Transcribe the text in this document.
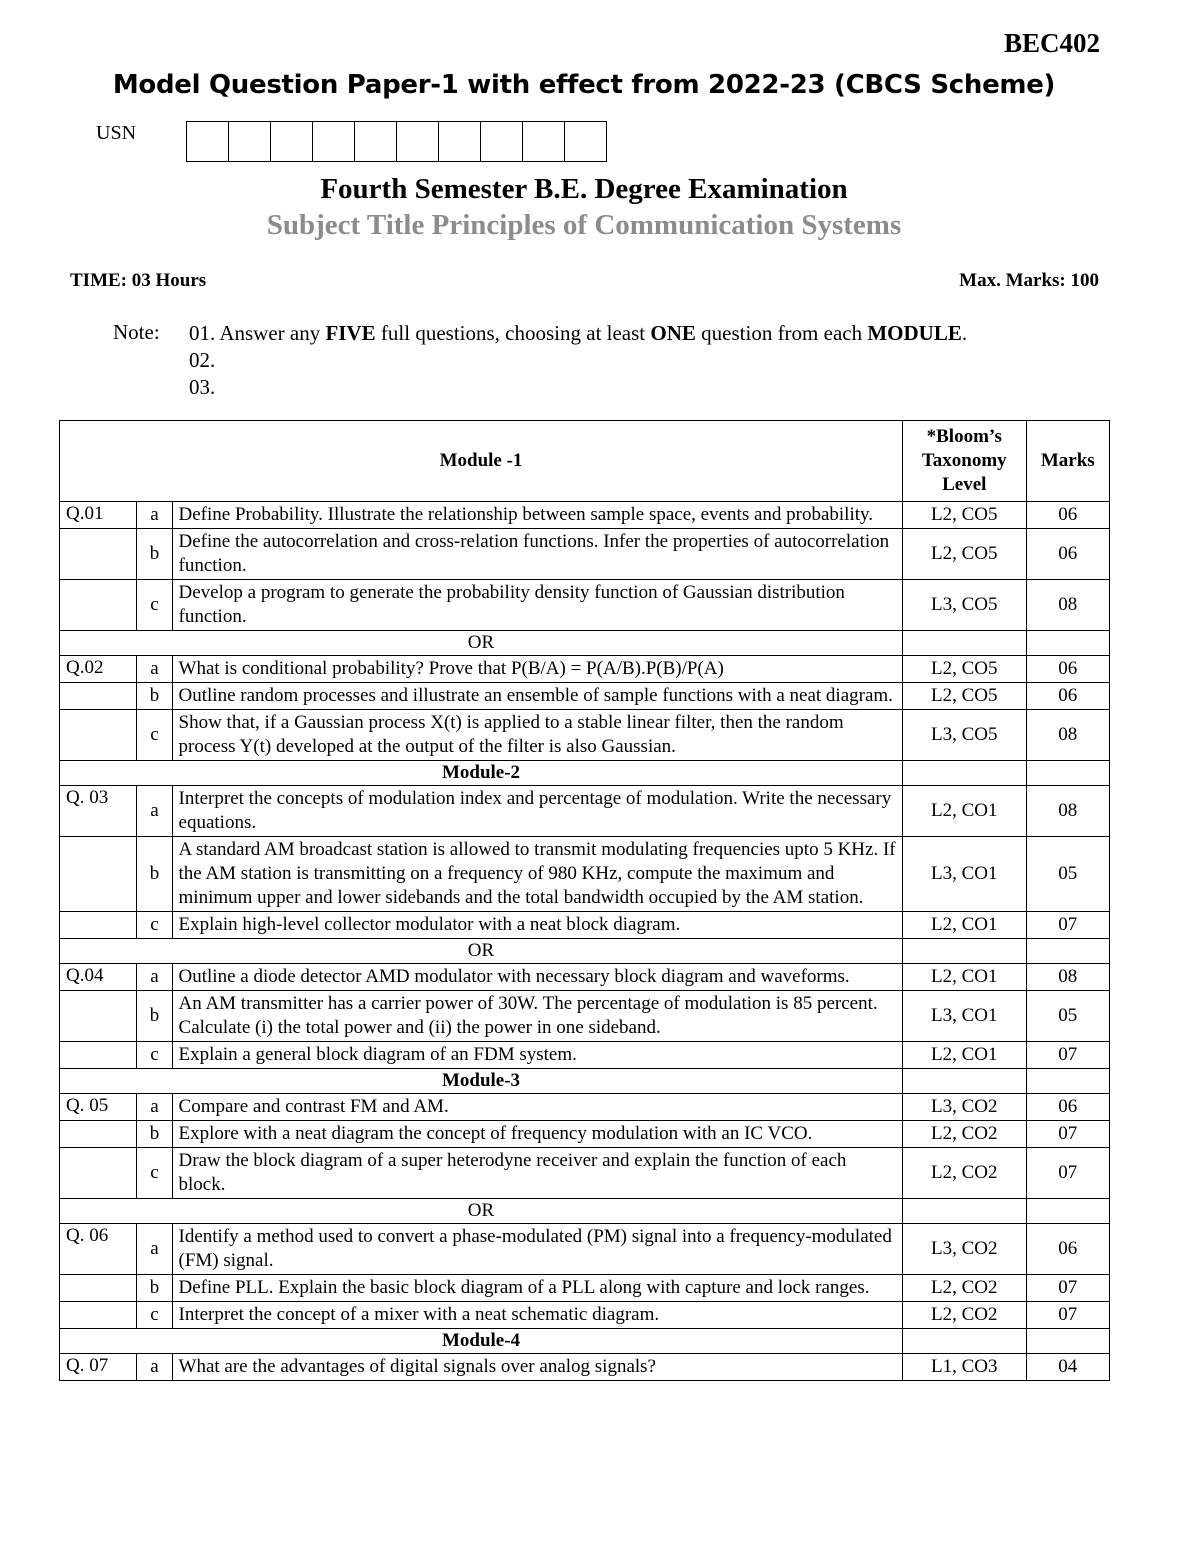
BEC402
Model Question Paper-1 with effect from 2022-23 (CBCS Scheme)
USN
Fourth Semester B.E. Degree Examination
Subject Title Principles of Communication Systems
TIME: 03 Hours	Max. Marks: 100
Note: 01. Answer any FIVE full questions, choosing at least ONE question from each MODULE.
02.
03.
Module -1			*Bloom’s
Taxonomy
Level	Marks
Q.01	a	Define Probability. Illustrate the relationship between sample space, events and probability.	L2, CO5	06
	b	Define the autocorrelation and cross-relation functions. Infer the properties of autocorrelation function.	L2, CO5	06
	c	Develop a program to generate the probability density function of Gaussian distribution function.	L3, CO5	08
OR				
Q.02	a	What is conditional probability? Prove that P(B/A) = P(A/B).P(B)/P(A)	L2, CO5	06
	b	Outline random processes and illustrate an ensemble of sample functions with a neat diagram.	L2, CO5	06
	c	Show that, if a Gaussian process X(t) is applied to a stable linear filter, then the random process Y(t) developed at the output of the filter is also Gaussian.	L3, CO5	08
Module-2				
Q. 03	a	Interpret the concepts of modulation index and percentage of modulation. Write the necessary equations.	L2, CO1	08
	b	A standard AM broadcast station is allowed to transmit modulating frequencies upto 5 KHz. If the AM station is transmitting on a frequency of 980 KHz, compute the maximum and minimum upper and lower sidebands and the total bandwidth occupied by the AM station.	L3, CO1	05
	c	Explain high-level collector modulator with a neat block diagram.	L2, CO1	07
OR				
Q.04	a	Outline a diode detector AMD modulator with necessary block diagram and waveforms.	L2, CO1	08
	b	An AM transmitter has a carrier power of 30W. The percentage of modulation is 85 percent. Calculate (i) the total power and (ii) the power in one sideband.	L3, CO1	05
	c	Explain a general block diagram of an FDM system.	L2, CO1	07
Module-3				
Q. 05	a	Compare and contrast FM and AM.	L3, CO2	06
	b	Explore with a neat diagram the concept of frequency modulation with an IC VCO.	L2, CO2	07
	c	Draw the block diagram of a super heterodyne receiver and explain the function of each block.	L2, CO2	07
OR				
Q. 06	a	Identify a method used to convert a phase-modulated (PM) signal into a frequency-modulated (FM) signal.	L3, CO2	06
	b	Define PLL. Explain the basic block diagram of a PLL along with capture and lock ranges.	L2, CO2	07
	c	Interpret the concept of a mixer with a neat schematic diagram.	L2, CO2	07
Module-4				
Q. 07	a	What are the advantages of digital signals over analog signals?	L1, CO3	04
